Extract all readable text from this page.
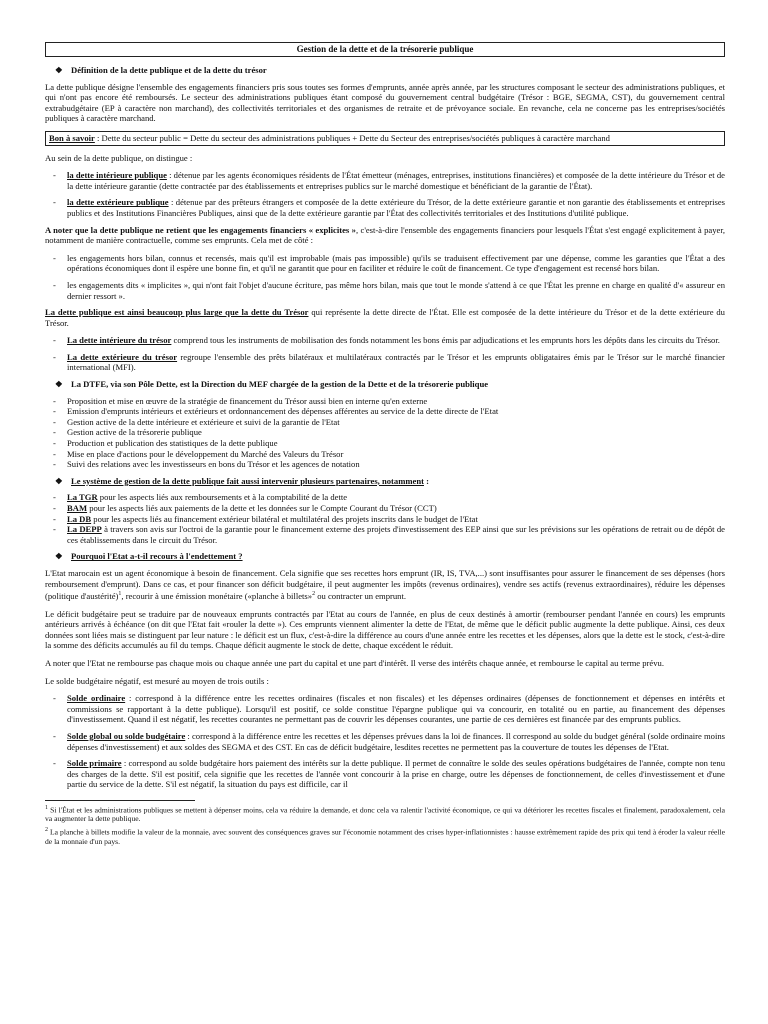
Gestion de la dette et de la trésorerie publique
❖ Définition de la dette publique et de la dette du trésor

La dette publique désigne l'ensemble des engagements financiers pris sous toutes ses formes d'emprunts, année après année, par les structures composant le secteur des administrations publiques, et qui n'ont pas encore été remboursés. Le secteur des administrations publiques étant composé du gouvernement central budgétaire (Trésor : BGE, SEGMA, CST), du gouvernement central extrabudgétaire (EP à caractère non marchand), des collectivités territoriales et des organismes de retraite et de prévoyance sociale. En revanche, cela ne concerne pas les entreprises/sociétés publiques à caractère marchand.

Bon à savoir : Dette du secteur public = Dette du secteur des administrations publiques + Dette du Secteur des entreprises/sociétés publiques à caractère marchand

Au sein de la dette publique, on distingue :

- la dette intérieure publique : détenue par les agents économiques résidents de l'État émetteur (ménages, entreprises, institutions financières) et composée de la dette intérieure du Trésor et de la dette intérieure garantie (dette contractée par des établissements et entreprises publics sur le marché domestique et bénéficiant de la garantie de l'État).
- la dette extérieure publique : détenue par des prêteurs étrangers et composée de la dette extérieure du Trésor, de la dette extérieure garantie et non garantie des établissements et entreprises publics et des Institutions Financières Publiques, ainsi que de la dette extérieure garantie par l'État des collectivités territoriales et des Institutions d'utilité publique.

A noter que la dette publique ne retient que les engagements financiers « explicites », c'est-à-dire l'ensemble des engagements financiers pour lesquels l'État s'est engagé explicitement à payer, notamment de manière contractuelle, comme ses emprunts. Cela met de côté :

- les engagements hors bilan, connus et recensés, mais qu'il est improbable (mais pas impossible) qu'ils se traduisent effectivement par une dépense, comme les garanties que l'État a des opérations économiques dont il espère une bonne fin, et qu'il ne garantit que pour en faciliter et réduire le coût de financement. Ce type d'engagement est recensé hors bilan.
- les engagements dits « implicites », qui n'ont fait l'objet d'aucune écriture, pas même hors bilan, mais que tout le monde s'attend à ce que l'État les prenne en charge en qualité d'« assureur en dernier ressort ».

La dette publique est ainsi beaucoup plus large que la dette du Trésor qui représente la dette directe de l'État. Elle est composée de la dette intérieure du Trésor et de la dette extérieure du Trésor.

- La dette intérieure du trésor comprend tous les instruments de mobilisation des fonds notamment les bons émis par adjudications et les emprunts hors les dépôts dans les circuits du Trésor.
- La dette extérieure du trésor regroupe l'ensemble des prêts bilatéraux et multilatéraux contractés par le Trésor et les emprunts obligataires émis par le Trésor sur le marché financier international (MFI).
❖ La DTFE, via son Pôle Dette, est la Direction du MEF chargée de la gestion de la Dette et de la trésorerie publique
- Proposition et mise en œuvre de la stratégie de financement du Trésor aussi bien en interne qu'en externe
- Emission d'emprunts intérieurs et extérieurs et ordonnancement des dépenses afférentes au service de la dette directe de l'Etat
- Gestion active de la dette intérieure et extérieure et suivi de la garantie de l'Etat
- Gestion active de la trésorerie publique
- Production et publication des statistiques de la dette publique
- Mise en place d'actions pour le développement du Marché des Valeurs du Trésor
- Suivi des relations avec les investisseurs en bons du Trésor et les agences de notation
❖ Le système de gestion de la dette publique fait aussi intervenir plusieurs partenaires, notamment :
- La TGR pour les aspects liés aux remboursements et à la comptabilité de la dette
- BAM pour les aspects liés aux paiements de la dette et les données sur le Compte Courant du Trésor (CCT)
- La DB pour les aspects liés au financement extérieur bilatéral et multilatéral des projets inscrits dans le budget de l'Etat
- La DEPP à travers son avis sur l'octroi de la garantie pour le financement externe des projets d'investissement des EEP ainsi que sur les prévisions sur les opérations de retrait ou de dépôt de ces établissements dans le circuit du Trésor.
❖ Pourquoi l'Etat a-t-il recours à l'endettement ?

L'Etat marocain est un agent économique à besoin de financement. Cela signifie que ses recettes hors emprunt (IR, IS, TVA,...) sont insuffisantes pour assurer le financement de ses dépenses (hors remboursement d'emprunt). Dans ce cas, et pour financer son déficit budgétaire, il peut augmenter les impôts (revenus ordinaires), vendre ses actifs (revenus extraordinaires), réduire les dépenses (politique d'austérité)$^1$, recourir à une émission monétaire («planche à billets»$^2$ ou contracter un emprunt.

Le déficit budgétaire peut se traduire par de nouveaux emprunts contractés par l'Etat au cours de l'année, en plus de ceux destinés à amortir (rembourser pendant l'année en cours) les emprunts antérieurs arrivés à échéance (on dit que l'Etat fait «rouler la dette »). Ces emprunts viennent alimenter la dette de l'Etat, de même que le déficit public augmente la dette publique. Ainsi, ces deux données sont liées mais se distinguent par leur nature : le déficit est un flux, c'est-à-dire la différence au cours d'une année entre les recettes et les dépenses, alors que la dette est le stock, c'est-à-dire la somme des déficits accumulés au fil du temps. Chaque déficit augmente le stock de dette, chaque excédent le réduit.

A noter que l'Etat ne rembourse pas chaque mois ou chaque année une part du capital et une part d'intérêt. Il verse des intérêts chaque année, et rembourse le capital au terme prévu.

Le solde budgétaire négatif, est mesuré au moyen de trois outils :

- Solde ordinaire : correspond à la différence entre les recettes ordinaires (fiscales et non fiscales) et les dépenses ordinaires (dépenses de fonctionnement et dépenses en intérêts et commissions se rapportant à la dette publique). Lorsqu'il est positif, ce solde constitue l'épargne publique qui va concourir, en totalité ou en partie, au financement des dépenses d'investissement. Quand il est négatif, les recettes courantes ne permettant pas de couvrir les dépenses courantes, une partie de ces dernières est financée par des emprunts publics.
- Solde global ou solde budgétaire : correspond à la différence entre les recettes et les dépenses prévues dans la loi de finances. Il correspond au solde du budget général (solde ordinaire moins dépenses d'investissement) et aux soldes des SEGMA et des CST. En cas de déficit budgétaire, lesdites recettes ne permettent pas la couverture de toutes les dépenses de l'Etat.
- Solde primaire : correspond au solde budgétaire hors paiement des intérêts sur la dette publique. Il permet de connaître le solde des seules opérations budgétaires de l'année, compte non tenu des charges de la dette. S'il est positif, cela signifie que les recettes de l'année vont concourir à la prise en charge, outre les dépenses de fonctionnement, de celles d'investissement et d'une partie du service de la dette. S'il est négatif, la situation du pays est difficile, car il

$^1$ Si l'État et les administrations publiques se mettent à dépenser moins, cela va réduire la demande, et donc cela va ralentir l'activité économique, ce qui va détériorer les recettes fiscales et finalement, paradoxalement, cela va augmenter la dette publique.

$^2$ La planche à billets modifie la valeur de la monnaie, avec souvent des conséquences graves sur l'économie notamment des crises hyper-inflationnistes : hausse extrêmement rapide des prix qui tend à éroder la valeur réelle de la monnaie d'un pays.
